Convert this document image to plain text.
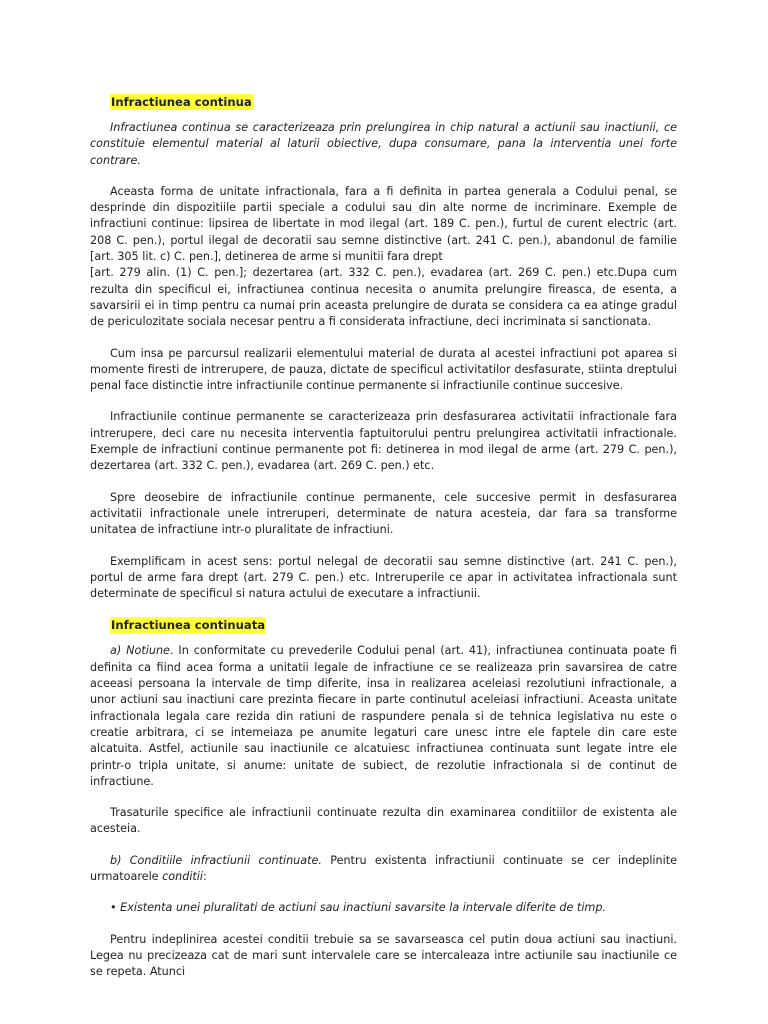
Infractiunea continua

Infractiunea continua se caracterizeaza prin prelungirea in chip natural a actiunii sau inactiunii, ce constituie elementul material al laturii obiective, dupa consumare, pana la interventia unei forte contrare.

Aceasta forma de unitate infractionala, fara a fi definita in partea generala a Codului penal, se desprinde din dispozitiile partii speciale a codului sau din alte norme de incriminare. Exemple de infractiuni continue: lipsirea de libertate in mod ilegal (art. 189 C. pen.), furtul de curent electric (art. 208 C. pen.), portul ilegal de decoratii sau semne distinctive (art. 241 C. pen.), abandonul de familie [art. 305 lit. c) C. pen.], detinerea de arme si munitii fara drept

[art. 279 alin. (1) C. pen.]; dezertarea (art. 332 C. pen.), evadarea (art. 269 C. pen.) etc.Dupa cum rezulta din specificul ei, infractiunea continua necesita o anumita prelungire fireasca, de esenta, a savarsirii ei in timp pentru ca numai prin aceasta prelungire de durata se considera ca ea atinge gradul de periculozitate sociala necesar pentru a fi considerata infractiune, deci incriminata si sanctionata.

Cum insa pe parcursul realizarii elementului material de durata al acestei infractiuni pot aparea si momente firesti de intrerupere, de pauza, dictate de specificul activitatilor desfasurate, stiinta dreptului penal face distinctie intre infractiunile continue permanente si infractiunile continue succesive.

Infractiunile continue permanente se caracterizeaza prin desfasurarea activitatii infractionale fara intrerupere, deci care nu necesita interventia faptuitorului pentru prelungirea activitatii infractionale. Exemple de infractiuni continue permanente pot fi: detinerea in mod ilegal de arme (art. 279 C. pen.), dezertarea (art. 332 C. pen.), evadarea (art. 269 C. pen.) etc.

Spre deosebire de infractiunile continue permanente, cele succesive permit in desfasurarea activitatii infractionale unele intreruperi, determinate de natura acesteia, dar fara sa transforme unitatea de infractiune intr-o pluralitate de infractiuni.

Exemplificam in acest sens: portul nelegal de decoratii sau semne distinctive (art. 241 C. pen.), portul de arme fara drept (art. 279 C. pen.) etc. Intreruperile ce apar in activitatea infractionala sunt determinate de specificul si natura actului de executare a infractiunii.

Infractiunea continuata

a) Notiune. In conformitate cu prevederile Codului penal (art. 41), infractiunea continuata poate fi definita ca fiind acea forma a unitatii legale de infractiune ce se realizeaza prin savarsirea de catre aceeasi persoana la intervale de timp diferite, insa in realizarea aceleiasi rezolutiuni infractionale, a unor actiuni sau inactiuni care prezinta fiecare in parte continutul aceleiasi infractiuni. Aceasta unitate infractionala legala care rezida din ratiuni de raspundere penala si de tehnica legislativa nu este o creatie arbitrara, ci se intemeiaza pe anumite legaturi care unesc intre ele faptele din care este alcatuita. Astfel, actiunile sau inactiunile ce alcatuiesc infractiunea continuata sunt legate intre ele printr-o tripla unitate, si anume: unitate de subiect, de rezolutie infractionala si de continut de infractiune.

Trasaturile specifice ale infractiunii continuate rezulta din examinarea conditiilor de existenta ale acesteia.

b) Conditiile infractiunii continuate. Pentru existenta infractiunii continuate se cer indeplinite urmatoarele conditii:

• Existenta unei pluralitati de actiuni sau inactiuni savarsite la intervale diferite de timp.

Pentru indeplinirea acestei conditii trebuie sa se savarseasca cel putin doua actiuni sau inactiuni. Legea nu precizeaza cat de mari sunt intervalele care se intercaleaza intre actiunile sau inactiunile ce se repeta. Atunci
